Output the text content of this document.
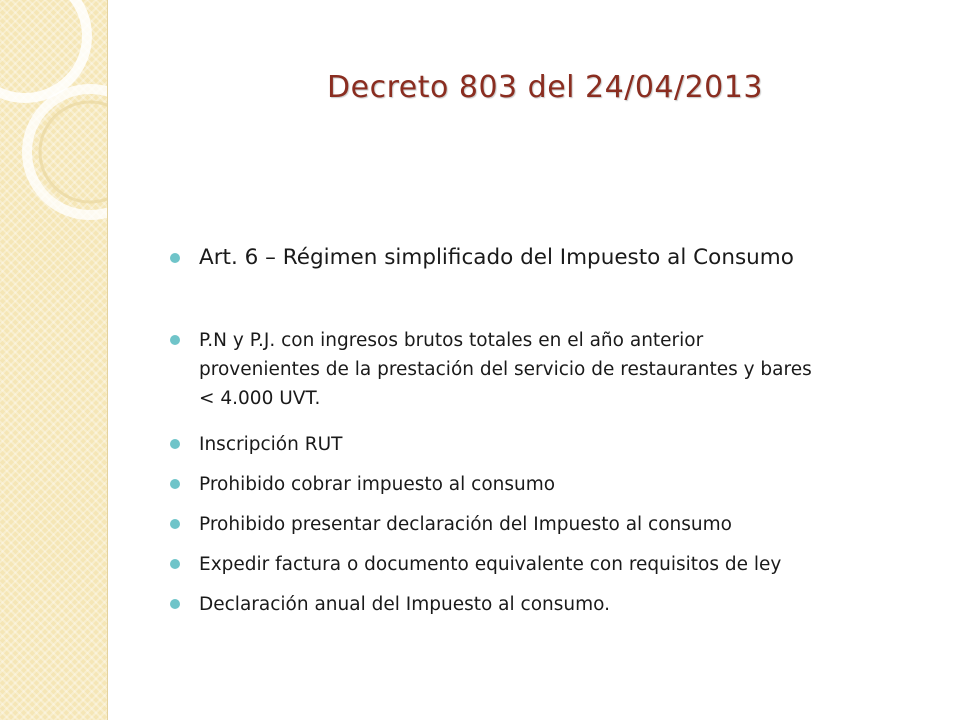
Decreto 803 del 24/04/2013
Art. 6 – Régimen simplificado del Impuesto al Consumo
P.N y P.J. con ingresos brutos totales en el año anterior
provenientes de la prestación del servicio de restaurantes y bares
< 4.000 UVT.
Inscripción RUT
Prohibido cobrar impuesto al consumo
Prohibido presentar declaración del Impuesto al consumo
Expedir factura o documento equivalente con requisitos de ley
Declaración anual del Impuesto al consumo.
